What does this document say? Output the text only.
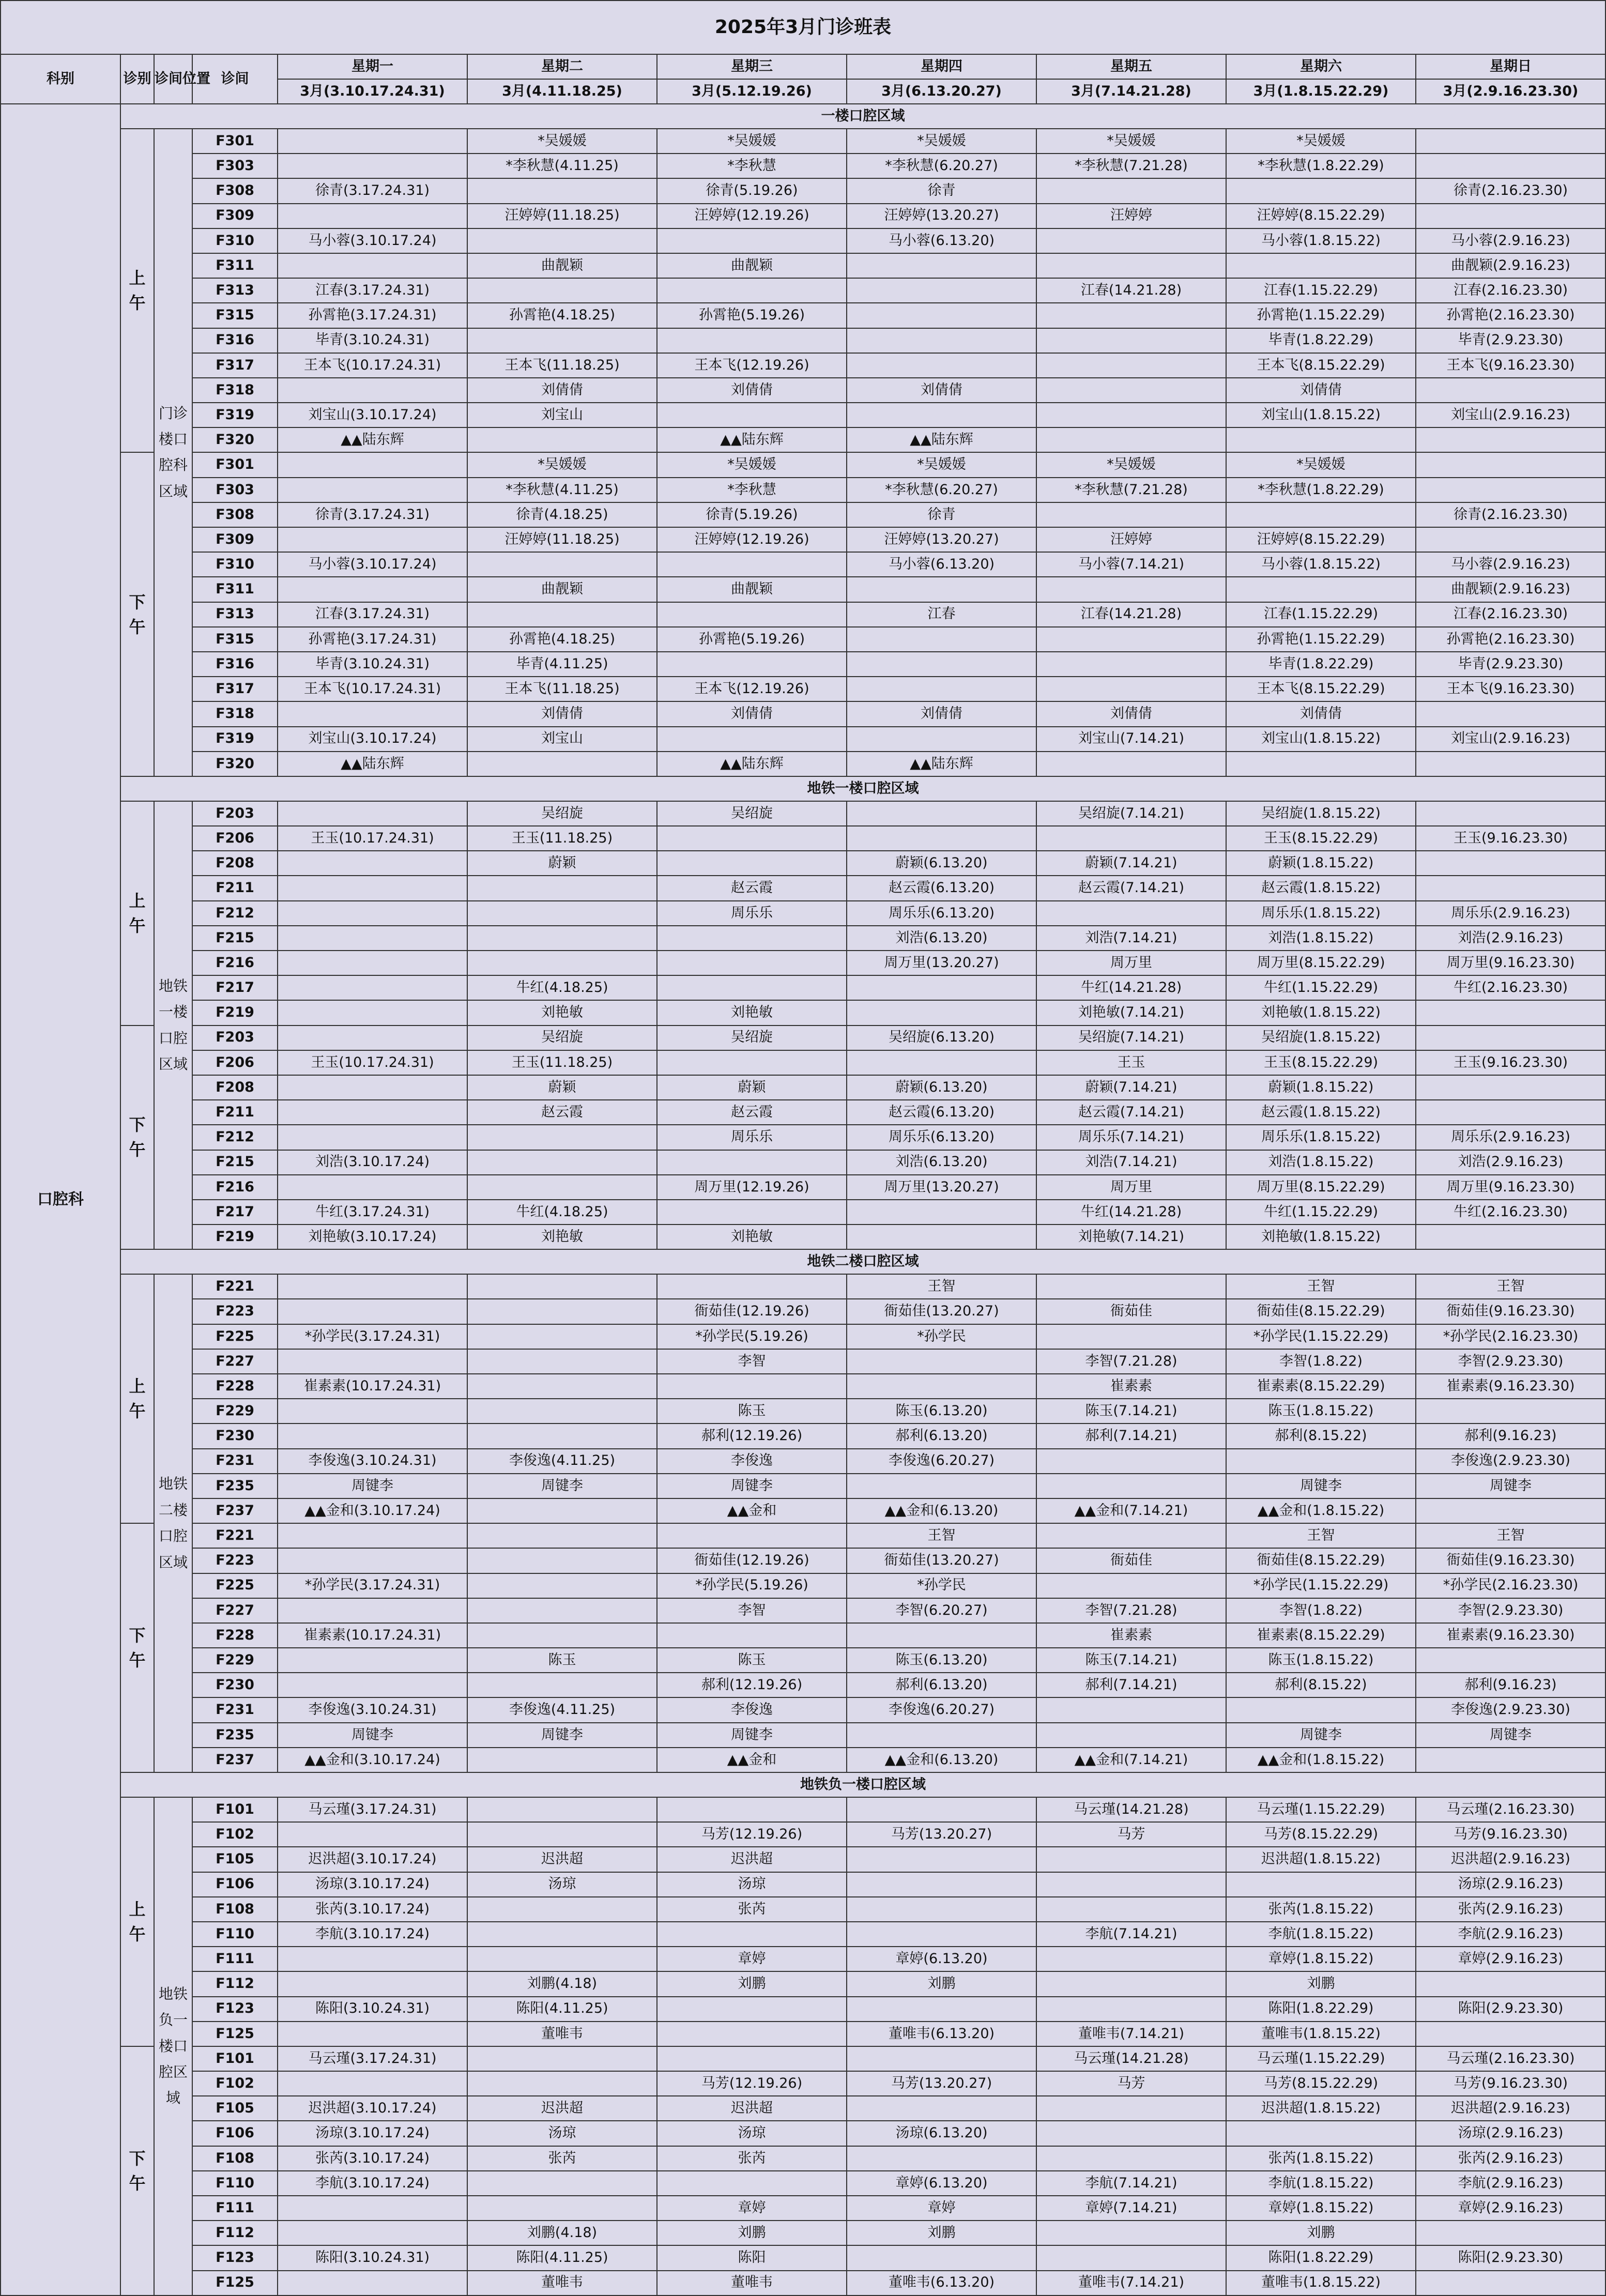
2025年3月门诊班表										
科别	诊别	诊间位置	诊间	星期一	星期二	星期三	星期四	星期五	星期六	星期日
				3月(3.10.17.24.31)	3月(4.11.18.25)	3月(5.12.19.26)	3月(6.13.20.27)	3月(7.14.21.28)	3月(1.8.15.22.29)	3月(2.9.16.23.30)
口腔科	一楼口腔区域									
	上午	门诊楼口腔科区域	F301		*吴媛媛	*吴媛媛	*吴媛媛	*吴媛媛	*吴媛媛	
			F303		*李秋慧(4.11.25)	*李秋慧	*李秋慧(6.20.27)	*李秋慧(7.21.28)	*李秋慧(1.8.22.29)	
			F308	徐青(3.17.24.31)		徐青(5.19.26)	徐青			徐青(2.16.23.30)
			F309		汪婷婷(11.18.25)	汪婷婷(12.19.26)	汪婷婷(13.20.27)	汪婷婷	汪婷婷(8.15.22.29)	
			F310	马小蓉(3.10.17.24)			马小蓉(6.13.20)		马小蓉(1.8.15.22)	马小蓉(2.9.16.23)
			F311		曲靓颖	曲靓颖				曲靓颖(2.9.16.23)
			F313	江春(3.17.24.31)				江春(14.21.28)	江春(1.15.22.29)	江春(2.16.23.30)
			F315	孙霄艳(3.17.24.31)	孙霄艳(4.18.25)	孙霄艳(5.19.26)			孙霄艳(1.15.22.29)	孙霄艳(2.16.23.30)
			F316	毕青(3.10.24.31)					毕青(1.8.22.29)	毕青(2.9.23.30)
			F317	王本飞(10.17.24.31)	王本飞(11.18.25)	王本飞(12.19.26)			王本飞(8.15.22.29)	王本飞(9.16.23.30)
			F318		刘倩倩	刘倩倩	刘倩倩		刘倩倩	
			F319	刘宝山(3.10.17.24)	刘宝山				刘宝山(1.8.15.22)	刘宝山(2.9.16.23)
			F320	▲▲陆东辉		▲▲陆东辉	▲▲陆东辉			
	下午		F301		*吴媛媛	*吴媛媛	*吴媛媛	*吴媛媛	*吴媛媛	
			F303		*李秋慧(4.11.25)	*李秋慧	*李秋慧(6.20.27)	*李秋慧(7.21.28)	*李秋慧(1.8.22.29)	
			F308	徐青(3.17.24.31)	徐青(4.18.25)	徐青(5.19.26)	徐青			徐青(2.16.23.30)
			F309		汪婷婷(11.18.25)	汪婷婷(12.19.26)	汪婷婷(13.20.27)	汪婷婷	汪婷婷(8.15.22.29)	
			F310	马小蓉(3.10.17.24)			马小蓉(6.13.20)	马小蓉(7.14.21)	马小蓉(1.8.15.22)	马小蓉(2.9.16.23)
			F311		曲靓颖	曲靓颖				曲靓颖(2.9.16.23)
			F313	江春(3.17.24.31)			江春	江春(14.21.28)	江春(1.15.22.29)	江春(2.16.23.30)
			F315	孙霄艳(3.17.24.31)	孙霄艳(4.18.25)	孙霄艳(5.19.26)			孙霄艳(1.15.22.29)	孙霄艳(2.16.23.30)
			F316	毕青(3.10.24.31)	毕青(4.11.25)				毕青(1.8.22.29)	毕青(2.9.23.30)
			F317	王本飞(10.17.24.31)	王本飞(11.18.25)	王本飞(12.19.26)			王本飞(8.15.22.29)	王本飞(9.16.23.30)
			F318		刘倩倩	刘倩倩	刘倩倩	刘倩倩	刘倩倩	
			F319	刘宝山(3.10.17.24)	刘宝山			刘宝山(7.14.21)	刘宝山(1.8.15.22)	刘宝山(2.9.16.23)
			F320	▲▲陆东辉		▲▲陆东辉	▲▲陆东辉			
	地铁一楼口腔区域									
	上午	地铁一楼口腔区域	F203		吴绍旋	吴绍旋		吴绍旋(7.14.21)	吴绍旋(1.8.15.22)	
			F206	王玉(10.17.24.31)	王玉(11.18.25)				王玉(8.15.22.29)	王玉(9.16.23.30)
			F208		蔚颖		蔚颖(6.13.20)	蔚颖(7.14.21)	蔚颖(1.8.15.22)	
			F211			赵云霞	赵云霞(6.13.20)	赵云霞(7.14.21)	赵云霞(1.8.15.22)	
			F212			周乐乐	周乐乐(6.13.20)		周乐乐(1.8.15.22)	周乐乐(2.9.16.23)
			F215				刘浩(6.13.20)	刘浩(7.14.21)	刘浩(1.8.15.22)	刘浩(2.9.16.23)
			F216				周万里(13.20.27)	周万里	周万里(8.15.22.29)	周万里(9.16.23.30)
			F217		牛红(4.18.25)			牛红(14.21.28)	牛红(1.15.22.29)	牛红(2.16.23.30)
			F219		刘艳敏	刘艳敏		刘艳敏(7.14.21)	刘艳敏(1.8.15.22)	
	下午		F203		吴绍旋	吴绍旋	吴绍旋(6.13.20)	吴绍旋(7.14.21)	吴绍旋(1.8.15.22)	
			F206	王玉(10.17.24.31)	王玉(11.18.25)			王玉	王玉(8.15.22.29)	王玉(9.16.23.30)
			F208		蔚颖	蔚颖	蔚颖(6.13.20)	蔚颖(7.14.21)	蔚颖(1.8.15.22)	
			F211		赵云霞	赵云霞	赵云霞(6.13.20)	赵云霞(7.14.21)	赵云霞(1.8.15.22)	
			F212			周乐乐	周乐乐(6.13.20)	周乐乐(7.14.21)	周乐乐(1.8.15.22)	周乐乐(2.9.16.23)
			F215	刘浩(3.10.17.24)			刘浩(6.13.20)	刘浩(7.14.21)	刘浩(1.8.15.22)	刘浩(2.9.16.23)
			F216			周万里(12.19.26)	周万里(13.20.27)	周万里	周万里(8.15.22.29)	周万里(9.16.23.30)
			F217	牛红(3.17.24.31)	牛红(4.18.25)			牛红(14.21.28)	牛红(1.15.22.29)	牛红(2.16.23.30)
			F219	刘艳敏(3.10.17.24)	刘艳敏	刘艳敏		刘艳敏(7.14.21)	刘艳敏(1.8.15.22)	
	地铁二楼口腔区域									
	上午	地铁二楼口腔区域	F221				王智		王智	王智
			F223			衙茹佳(12.19.26)	衙茹佳(13.20.27)	衙茹佳	衙茹佳(8.15.22.29)	衙茹佳(9.16.23.30)
			F225	*孙学民(3.17.24.31)		*孙学民(5.19.26)	*孙学民		*孙学民(1.15.22.29)	*孙学民(2.16.23.30)
			F227			李智		李智(7.21.28)	李智(1.8.22)	李智(2.9.23.30)
			F228	崔素素(10.17.24.31)				崔素素	崔素素(8.15.22.29)	崔素素(9.16.23.30)
			F229			陈玉	陈玉(6.13.20)	陈玉(7.14.21)	陈玉(1.8.15.22)	
			F230			郝利(12.19.26)	郝利(6.13.20)	郝利(7.14.21)	郝利(8.15.22)	郝利(9.16.23)
			F231	李俊逸(3.10.24.31)	李俊逸(4.11.25)	李俊逸	李俊逸(6.20.27)			李俊逸(2.9.23.30)
			F235	周键李	周键李	周键李			周键李	周键李
			F237	▲▲金和(3.10.17.24)		▲▲金和	▲▲金和(6.13.20)	▲▲金和(7.14.21)	▲▲金和(1.8.15.22)	
	下午		F221				王智		王智	王智
			F223			衙茹佳(12.19.26)	衙茹佳(13.20.27)	衙茹佳	衙茹佳(8.15.22.29)	衙茹佳(9.16.23.30)
			F225	*孙学民(3.17.24.31)		*孙学民(5.19.26)	*孙学民		*孙学民(1.15.22.29)	*孙学民(2.16.23.30)
			F227			李智	李智(6.20.27)	李智(7.21.28)	李智(1.8.22)	李智(2.9.23.30)
			F228	崔素素(10.17.24.31)				崔素素	崔素素(8.15.22.29)	崔素素(9.16.23.30)
			F229		陈玉	陈玉	陈玉(6.13.20)	陈玉(7.14.21)	陈玉(1.8.15.22)	
			F230			郝利(12.19.26)	郝利(6.13.20)	郝利(7.14.21)	郝利(8.15.22)	郝利(9.16.23)
			F231	李俊逸(3.10.24.31)	李俊逸(4.11.25)	李俊逸	李俊逸(6.20.27)			李俊逸(2.9.23.30)
			F235	周键李	周键李	周键李			周键李	周键李
			F237	▲▲金和(3.10.17.24)		▲▲金和	▲▲金和(6.13.20)	▲▲金和(7.14.21)	▲▲金和(1.8.15.22)	
	地铁负一楼口腔区域									
	上午	地铁负一楼口腔区域	F101	马云瑾(3.17.24.31)				马云瑾(14.21.28)	马云瑾(1.15.22.29)	马云瑾(2.16.23.30)
			F102			马芳(12.19.26)	马芳(13.20.27)	马芳	马芳(8.15.22.29)	马芳(9.16.23.30)
			F105	迟洪超(3.10.17.24)	迟洪超	迟洪超			迟洪超(1.8.15.22)	迟洪超(2.9.16.23)
			F106	汤琼(3.10.17.24)	汤琼	汤琼				汤琼(2.9.16.23)
			F108	张芮(3.10.17.24)		张芮			张芮(1.8.15.22)	张芮(2.9.16.23)
			F110	李航(3.10.17.24)				李航(7.14.21)	李航(1.8.15.22)	李航(2.9.16.23)
			F111			章婷	章婷(6.13.20)		章婷(1.8.15.22)	章婷(2.9.16.23)
			F112		刘鹏(4.18)	刘鹏	刘鹏		刘鹏	
			F123	陈阳(3.10.24.31)	陈阳(4.11.25)				陈阳(1.8.22.29)	陈阳(2.9.23.30)
			F125		董唯韦		董唯韦(6.13.20)	董唯韦(7.14.21)	董唯韦(1.8.15.22)	
	下午		F101	马云瑾(3.17.24.31)				马云瑾(14.21.28)	马云瑾(1.15.22.29)	马云瑾(2.16.23.30)
			F102			马芳(12.19.26)	马芳(13.20.27)	马芳	马芳(8.15.22.29)	马芳(9.16.23.30)
			F105	迟洪超(3.10.17.24)	迟洪超	迟洪超			迟洪超(1.8.15.22)	迟洪超(2.9.16.23)
			F106	汤琼(3.10.17.24)	汤琼	汤琼	汤琼(6.13.20)			汤琼(2.9.16.23)
			F108	张芮(3.10.17.24)	张芮	张芮			张芮(1.8.15.22)	张芮(2.9.16.23)
			F110	李航(3.10.17.24)			章婷(6.13.20)	李航(7.14.21)	李航(1.8.15.22)	李航(2.9.16.23)
			F111			章婷	章婷	章婷(7.14.21)	章婷(1.8.15.22)	章婷(2.9.16.23)
			F112		刘鹏(4.18)	刘鹏	刘鹏		刘鹏	
			F123	陈阳(3.10.24.31)	陈阳(4.11.25)	陈阳			陈阳(1.8.22.29)	陈阳(2.9.23.30)
			F125		董唯韦	董唯韦	董唯韦(6.13.20)	董唯韦(7.14.21)	董唯韦(1.8.15.22)	
